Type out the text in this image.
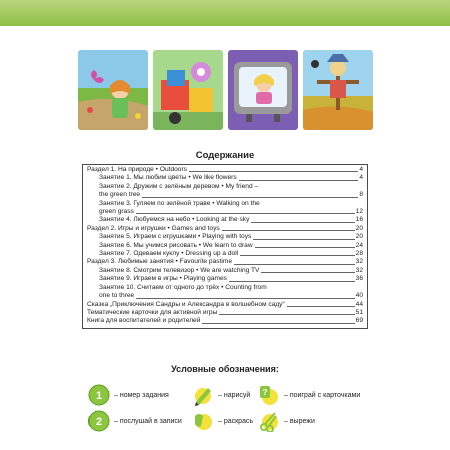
Содержание
Раздел 1. На природе • Outdoors	4
Занятие 1. Мы любим цветы • We like flowers	4
Занятие 2. Дружим с зелёным деревом • My friend –
the green tree	8
Занятие 3. Гуляем по зелёной траве • Walking on the
green grass	12
Занятие 4. Любуемся на небо • Looking at the sky	16
Раздел 2. Игры и игрушки • Games and toys	20
Занятие 5. Играем с игрушками • Playing with toys	20
Занятие 6. Мы учимся рисовать • We learn to draw	24
Занятие 7. Одеваем куклу • Dressing up a doll	28
Раздел 3. Любимые занятия • Favourite pastime	32
Занятие 8. Смотрим телевизор • We are watching TV	32
Занятие 9. Играем в игры • Playing games	36
Занятие 10. Считаем от одного до трёх • Counting from
one to three	40
Сказка „Приключения Сандры и Александра в волшебном саду“	44
Тематические карточки для активной игры	51
Книга для воспитателей и родителей	69
Условные обозначения:
1 – номер задания	– нарисуй ? – поиграй с карточками
2 – послушай в записи	– раскрась	– вырежи
